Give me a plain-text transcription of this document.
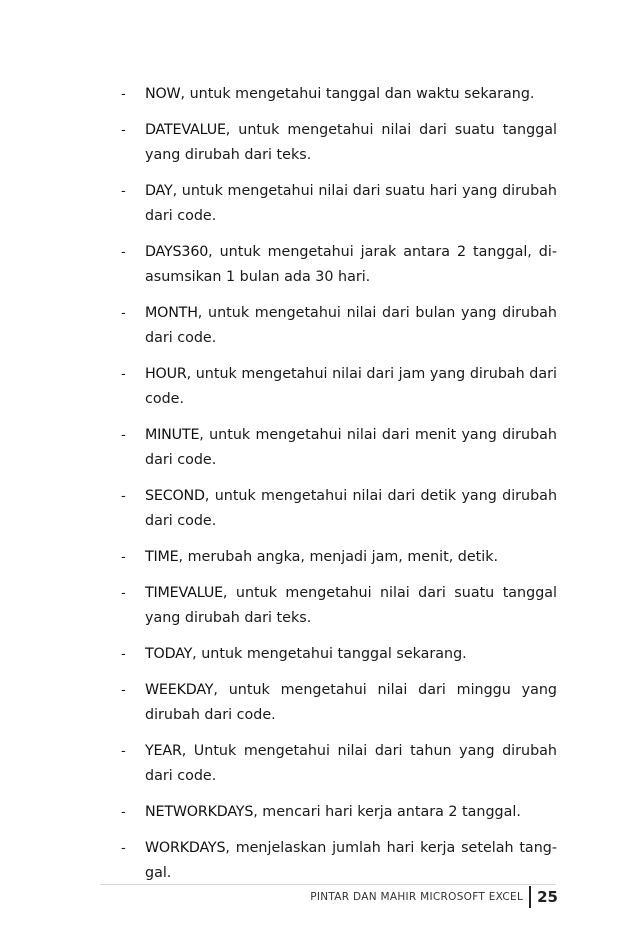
- NOW, untuk mengetahui tanggal dan waktu sekarang.
- DATEVALUE, untuk mengetahui nilai dari suatu tanggal yang dirubah dari teks.
- DAY, untuk mengetahui nilai dari suatu hari yang dirubah dari code.
- DAYS360, untuk mengetahui jarak antara 2 tanggal, di-asumsikan 1 bulan ada 30 hari.
- MONTH, untuk mengetahui nilai dari bulan yang dirubah dari code.
- HOUR, untuk mengetahui nilai dari jam yang dirubah dari code.
- MINUTE, untuk mengetahui nilai dari menit yang dirubah dari code.
- SECOND, untuk mengetahui nilai dari detik yang dirubah dari code.
- TIME, merubah angka, menjadi jam, menit, detik.
- TIMEVALUE, untuk mengetahui nilai dari suatu tanggal yang dirubah dari teks.
- TODAY, untuk mengetahui tanggal sekarang.
- WEEKDAY, untuk mengetahui nilai dari minggu yang dirubah dari code.
- YEAR, Untuk mengetahui nilai dari tahun yang dirubah dari code.
- NETWORKDAYS, mencari hari kerja antara 2 tanggal.
- WORKDAYS, menjelaskan jumlah hari kerja setelah tang-gal.
PINTAR DAN MAHIR MICROSOFT EXCEL 25
